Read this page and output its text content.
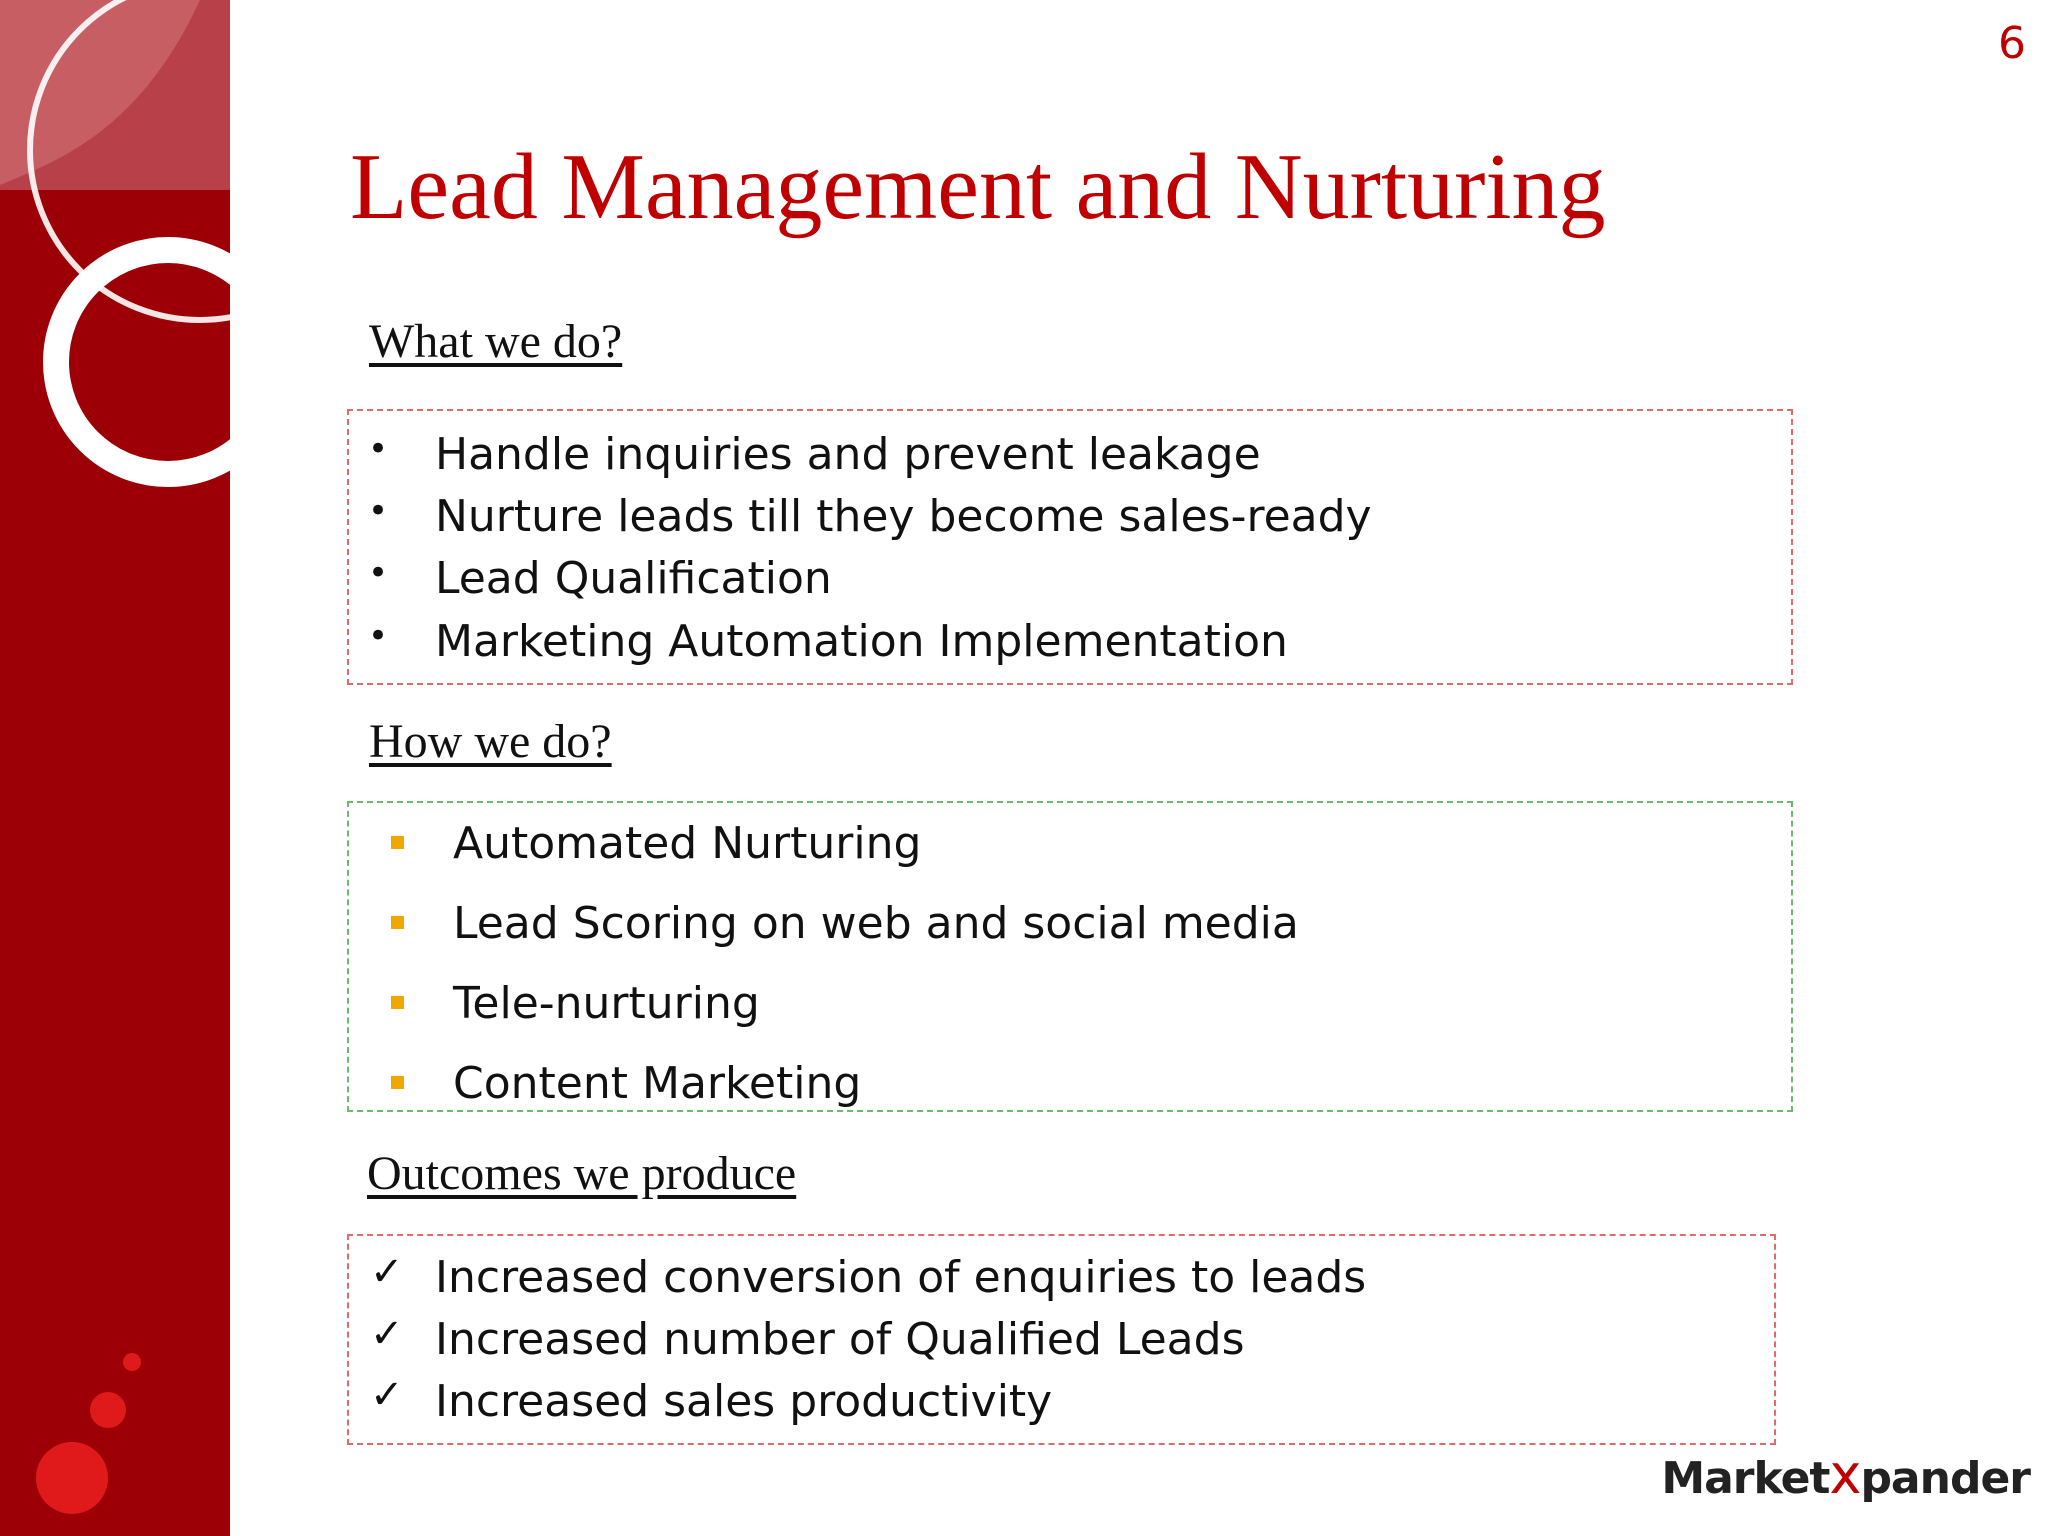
6
Lead Management and Nurturing
What we do?
• Handle inquiries and prevent leakage
• Nurture leads till they become sales-ready
• Lead Qualification
• Marketing Automation Implementation
How we do?
Automated Nurturing
Lead Scoring on web and social media
Tele-nurturing
Content Marketing
Outcomes we produce
✓ Increased conversion of enquiries to leads
✓ Increased number of Qualified Leads
✓ Increased sales productivity
Marketxpander
